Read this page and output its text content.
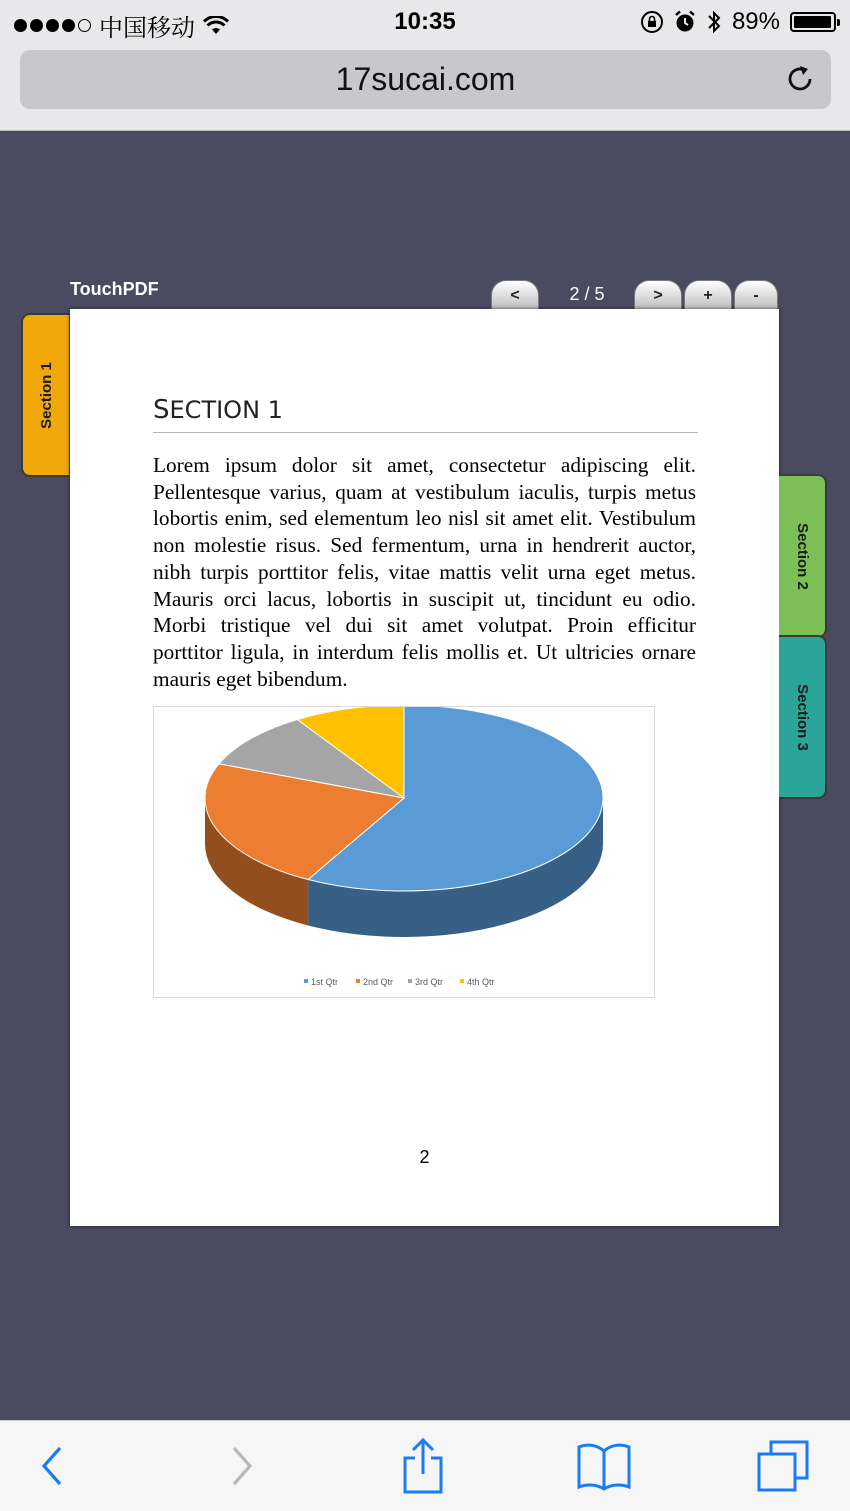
中国移动	10:35	89%
17sucai.com
TouchPDF	<	2 / 5	>	+	-
Section 1	SECTION 1

Lorem ipsum dolor sit amet, consectetur adipiscing elit. Pellentesque varius, quam at vestibulum iaculis, turpis metus lobortis enim, sed elementum leo nisl sit amet elit. Vestibulum non molestie risus. Sed fermentum, urna in hendrerit auctor, nibh turpis porttitor felis, vitae mattis velit urna eget metus. Mauris orci lacus, lobortis in suscipit ut, tincidunt eu odio. Morbi tristique vel dui sit amet volutpat. Proin efficitur porttitor ligula, in interdum felis mollis et. Ut ultricies ornare mauris eget bibendum.

1st Qtr	2nd Qtr 3rd Qtr	4th Qtr
2
Section 2
Section 3
